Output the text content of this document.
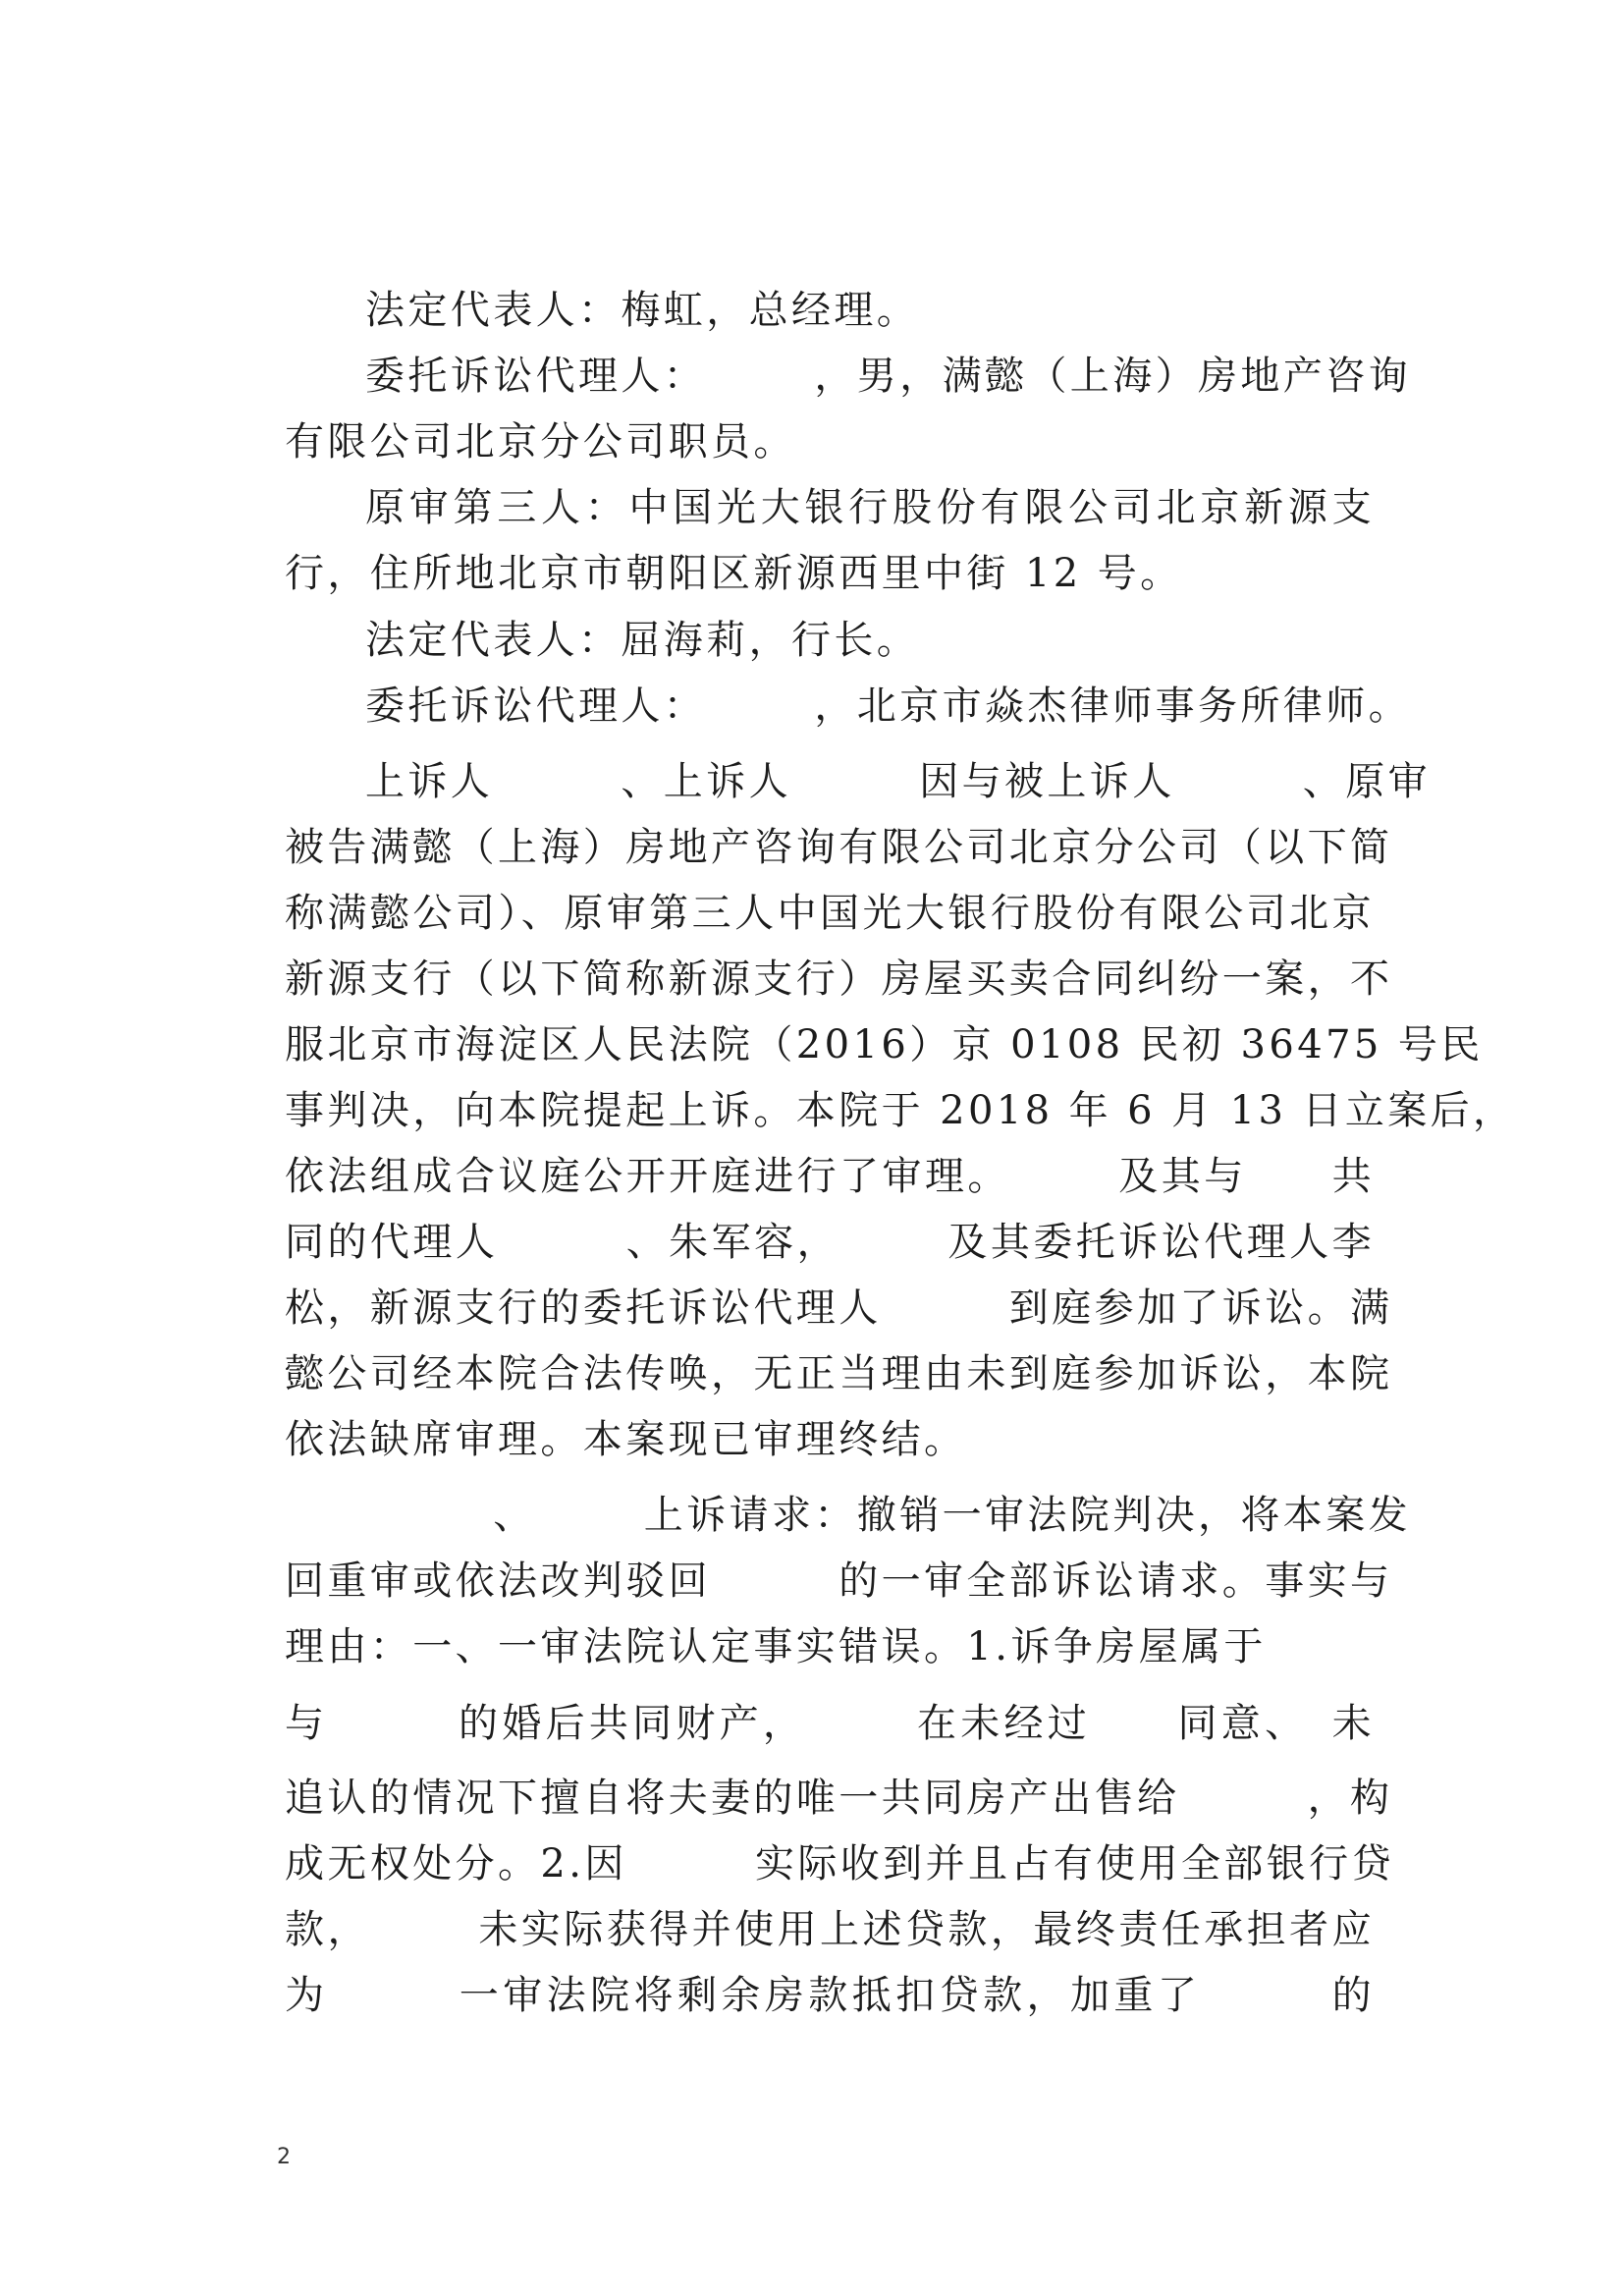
法定代表人：梅虹，总经理。
委托诉讼代理人：　　　，男，满懿（上海）房地产咨询
有限公司北京分公司职员。
原审第三人：中国光大银行股份有限公司北京新源支
行，住所地北京市朝阳区新源西里中街 12 号。
法定代表人：屈海莉，行长。
委托诉讼代理人：　　　，北京市焱杰律师事务所律师。
上诉人　　　、上诉人　　　因与被上诉人　　　、原审
被告满懿（上海）房地产咨询有限公司北京分公司（以下简
称满懿公司）、原审第三人中国光大银行股份有限公司北京
新源支行（以下简称新源支行）房屋买卖合同纠纷一案，不
服北京市海淀区人民法院（2016）京 0108 民初 36475 号民
事判决，向本院提起上诉。本院于 2018 年 6 月 13 日立案后，
依法组成合议庭公开开庭进行了审理。　　　及其与　　共
同的代理人　　　、朱军容，　　　及其委托诉讼代理人李
松，新源支行的委托诉讼代理人　　　到庭参加了诉讼。满
懿公司经本院合法传唤，无正当理由未到庭参加诉讼，本院
依法缺席审理。本案现已审理终结。
　　　、　　　上诉请求：撤销一审法院判决，将本案发
回重审或依法改判驳回　　　的一审全部诉讼请求。事实与
理由：一、一审法院认定事实错误。1.诉争房屋属于　　　
与　　　的婚后共同财产，　　　在未经过　　同意、　未
追认的情况下擅自将夫妻的唯一共同房产出售给　　　，构
成无权处分。2.因　　　实际收到并且占有使用全部银行贷
款，　　　未实际获得并使用上述贷款，最终责任承担者应
为　　　一审法院将剩余房款抵扣贷款，加重了　　　的
2
